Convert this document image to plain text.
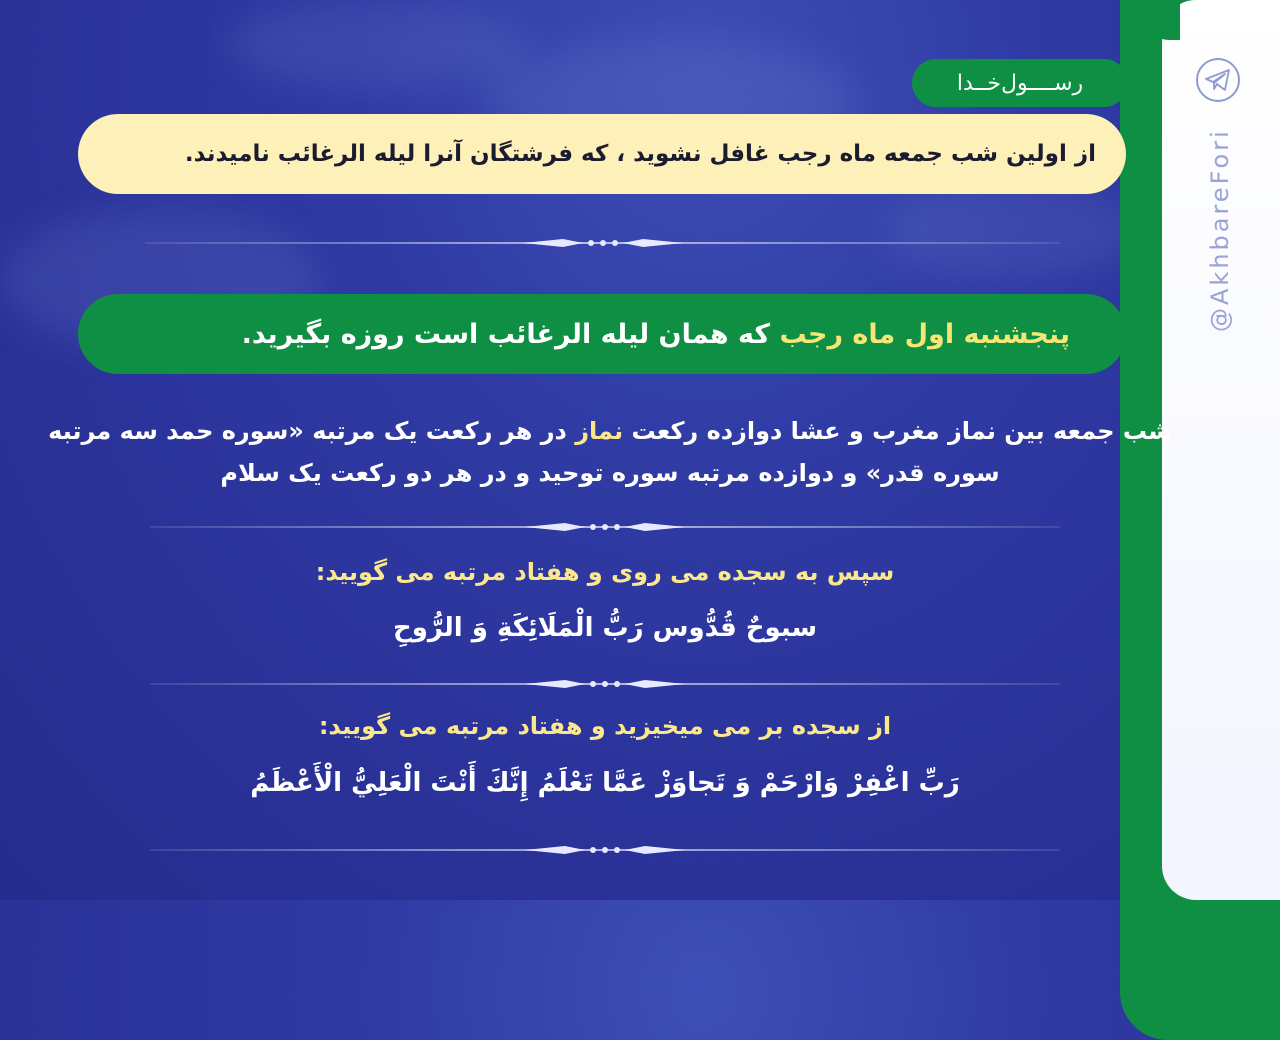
@AkhbareFori
رســــول‌خــدا
از اولین شب جمعه ماه رجب غافل نشوید ، که فرشتگان آنرا لیله الرغائب نامیدند.
پنجشنبه اول ماه رجب که همان لیله الرغائب است روزه بگیرید.
شب جمعه بین نماز مغرب و عشا دوازده رکعت نماز در هر رکعت یک مرتبه «سوره حمد سه مرتبه سوره قدر» و دوازده مرتبه سوره توحید و در هر دو رکعت یک سلام
سپس به سجده می روی و هفتاد مرتبه می گویید:
سبوحٌ قُدُّوس رَبُّ الْمَلَائِکَةِ وَ الرُّوحِ
از سجده بر می میخیزید و هفتاد مرتبه می گویید:
رَبِّ اغْفِرْ وَارْحَمْ وَ تَجاوَزْ عَمَّا تَعْلَمُ إِنَّكَ أَنْتَ الْعَلِيُّ الْأَعْظَمُ
